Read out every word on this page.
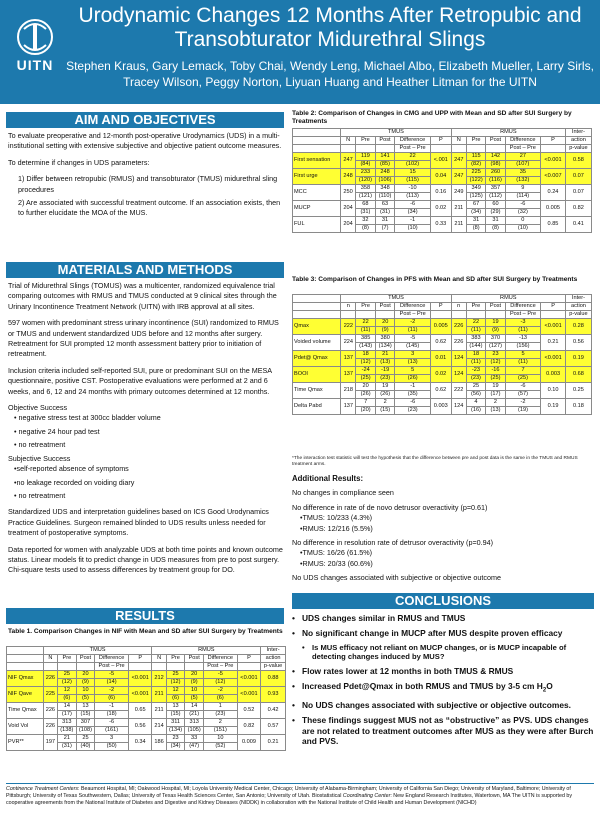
UITN
Urodynamic Changes 12 Months After Retropubic and Transobturator Midurethral Slings
Stephen Kraus, Gary Lemack, Toby Chai, Wendy Leng, Michael Albo, Elizabeth Mueller, Larry Sirls, Tracey Wilson, Peggy Norton, Liyuan Huang and Heather Litman for the UITN
AIM AND OBJECTIVES

To evaluate preoperative and 12-month post-operative Urodynamics (UDS) in a multi-institutional setting with extensive subjective and objective patient outcome measures.

To determine if changes in UDS parameters:

1) Differ between retropubic (RMUS) and transobturator (TMUS) midurethral sling procedures
2) Are associated with successful treatment outcome. If an association exists, then to further elucidate the MOA of the MUS.
MATERIALS AND METHODS

Trial of Midurethral Slings (TOMUS) was a multicenter, randomized equivalence trial comparing outcomes with RMUS and TMUS conducted at 9 clinical sites through the Urinary Incontinence Treatment Network (UITN) with IRB approval at all sites.

597 women with predominant stress urinary incontinence (SUI) randomized to RMUS or TMUS and underwent standardized UDS before and 12 months after surgery. Retreatment for SUI prompted 12 month assessment battery prior to initiation of retreatment.

Inclusion criteria included self-reported SUI, pure or predominant SUI on the MESA questionnaire, positive CST. Postoperative evaluations were performed at 2 and 6 weeks, and 6, 12 and 24 months with primary outcomes determined at 12 months.

Objective Success
• negative stress test at 300cc bladder volume
• negative 24 hour pad test
• no retreatment
Subjective Success
•self-reported absence of symptoms
•no leakage recorded on voiding diary
• no retreatment

Standardized UDS and interpretation guidelines based on ICS Good Urodynamics Practice Guidelines. Surgeon remained blinded to UDS results unless needed for treatment of postoperative symptoms.

Data reported for women with analyzable UDS at both time points and known outcome status. Linear models fit to predict change in UDS measures from pre to post surgery. Chi-square tests used to assess differences by treatment group for DO.

RESULTS
Table 1. Comparison Changes in NIF with Mean and SD after SUI Surgery by Treatments
	TMUS					RMUS					Inter-
	N	Pre	Post	Difference	P	N	Pre	Post	Difference	P	action
				Post – Pre					Post – Pre		p-value
NIF Qmax	226	25	20	-5	<0.001	212	25	20	-5	<0.001	0.88
		(12)	(9)	(14)			(12)	(9)	(12)		
NIF Qave	225	12	10	-2	<0.001	211	12	10	-2	<0.001	0.93
		(6)	(5)	(6)			(6)	(5)	(6)		
Time Qmax	226	14	13	-1	0.65	211	13	14	1	0.52	0.42
		(17)	(15)	(18)			(15)	(21)	(23)		
Void Vol	226	313	307	-6	0.56	214	311	313	2	0.82	0.57
		(138)	(108)	(161)			(134)	(105)	(151)		
PVR**	197	21	25	3	0.34	186	23	33	10	0.009	0.21
		(31)	(40)	(50)			(34)	(47)	(52)		
Table 2: Comparison of Changes in CMG and UPP with Mean and SD after SUI Surgery by Treatments
	TMUS					RMUS					Inter-
	N	Pre	Post	Difference	P	N	Pre	Post	Difference	P	action
				Post – Pre					Post – Pre		p-value
First sensation	247	119	141	22	<.001	247	115	142	27	<0.001	0.58
		(84)	(85)	(102)			(82)	(98)	(107)		
First urge	248	233	248	15	0.04	247	225	260	35	<0.007	0.07
		(120)	(106)	(115)			(122)	(116)	(132)		
MCC	250	358	348	-10	0.16	249	349	357	9	0.24	0.07
		(121)	(110)	(113)			(125)	(112)	(114)		
MUCP	204	68	63	-6	0.02	211	67	60	-6	0.005	0.82
		(31)	(31)	(34)			(34)	(29)	(32)		
FUL	204	32	31	-1	0.33	211	31	31	0	0.85	0.41
		(8)	(7)	(10)			(8)	(8)	(10)		
Table 3: Comparison of Changes in PFS with Mean and SD after SUI Surgery by Treatments
	TMUS					RMUS					Inter-
	n	Pre	Post	Difference	P	n	Pre	Post	Difference	P	action
				Post – Pre					Post – Pre		p-value
Qmax	222	22	20	-2	0.005	226	22	19	-3	<0.001	0.28
		(11)	(9)	(11)			(11)	(9)	(11)		
Voided volume	224	385	380	-5	0.62	226	383	370	-13	0.21	0.56
		(143)	(134)	(145)			(144)	(127)	(156)		
Pdet@ Qmax	137	18	21	3	0.01	124	18	23	5	<0.001	0.19
		(12)	(13)	(13)			(11)	(12)	(11)		
BOOI	137	-24	-19	5	0.02	124	-23	-16	7	0.003	0.68
		(25)	(23)	(26)			(23)	(25)	(25)		
Time Qmax	218	20	19	-1	0.62	222	25	19	-6	0.10	0.25
		(26)	(26)	(35)			(56)	(17)	(57)		
Delta Pabd	137	7	2	-6	0.003	124	4	2	-2	0.19	0.18
		(20)	(15)	(23)			(16)	(13)	(19)		
*The interaction test statistic will test the hypothesis that the difference between pre and post data is the same in the TMUS and RMUS treatment arms.
Additional Results:
No changes in compliance seen
No difference in rate of de novo detrusor overactivity (p=0.61)
•TMUS: 10/233 (4.3%)
•RMUS: 12/216 (5.5%)
No difference in resolution rate of detrusor overactivity (p=0.94)
•TMUS: 16/26 (61.5%)
•RMUS: 20/33 (60.6%)
No UDS changes associated with subjective or objective outcome
CONCLUSIONS
• UDS changes similar in RMUS and TMUS
• No significant change in MUCP after MUS despite proven efficacy
• Is MUS efficacy not reliant on MUCP changes, or is MUCP incapable of detecting changes induced by MUS?
• Flow rates lower at 12 months in both TMUS & RMUS
• Increased Pdet@Qmax in both RMUS and TMUS by 3-5 cm $H_2O$
• No UDS changes associated with subjective or objective outcomes.
• These findings suggest MUS not as “obstructive” as PVS. UDS changes are not related to treatment outcomes after MUS as they were after Burch and PVS.
Continence Treatment Centers: Beaumont Hospital, MI; Oakwood Hospital, MI; Loyola University Medical Center, Chicago; University of Alabama-Birmingham; University of California San Diego; University of Maryland, Baltimore; University of Pittsburgh; University of Texas Southwestern, Dallas; University of Texas Health Sciences Center, San Antonio; University of Utah. Biostatistical Coordinating Center: New England Research Institutes, Watertown, MA The UITN is supported by cooperative agreements from the National Institute of Diabetes and Digestive and Kidney Diseases (NIDDK) in collaboration with the National Institute of Child Health and Human Development (NICHD)
